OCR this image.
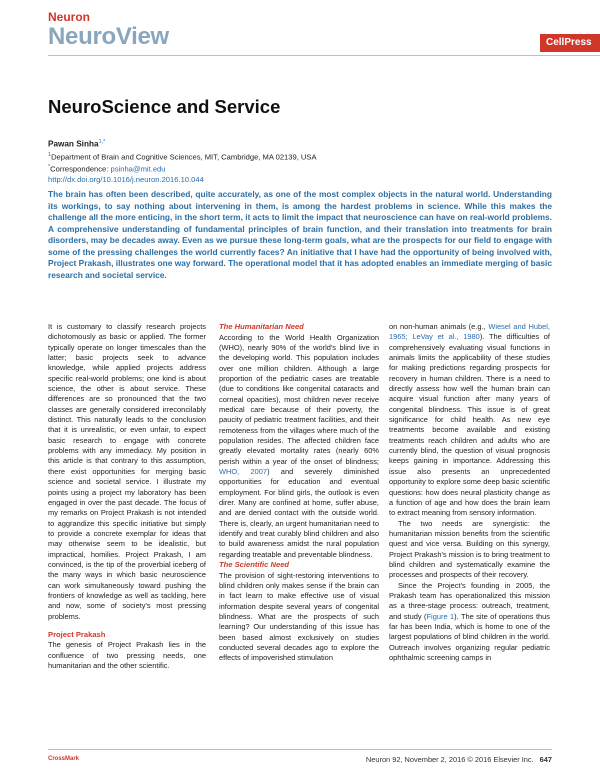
Neuron
NeuroView	CellPress
NeuroScience and Service
Pawan Sinha$^{1,*}$
$^1$Department of Brain and Cognitive Sciences, MIT, Cambridge, MA 02139, USA
*Correspondence: psinha@mit.edu
http://dx.doi.org/10.1016/j.neuron.2016.10.044
The brain has often been described, quite accurately, as one of the most complex objects in the natural world. Understanding its workings, to say nothing about intervening in them, is among the hardest problems in science. While this makes the challenge all the more enticing, in the short term, it acts to limit the impact that neuroscience can have on real-world problems. A comprehensive understanding of fundamental principles of brain function, and their translation into treatments for brain disorders, may be decades away. Even as we pursue these long-term goals, what are the prospects for our field to engage with some of the pressing challenges the world currently faces? An initiative that I have had the opportunity of being involved with, Project Prakash, illustrates one way forward. The operational model that it has adopted enables an immediate merging of basic research and societal service.

It is customary to classify research projects dichotomously as basic or applied. The former typically operate on longer timescales than the latter; basic projects seek to advance knowledge, while applied projects address specific real-world problems; one kind is about science, the other is about service. These differences are so pronounced that the two classes are generally considered irreconcilably distinct. This naturally leads to the conclusion that it is unrealistic, or even unfair, to expect basic research to engage with concrete problems with any immediacy. My position in this article is that contrary to this assumption, there exist opportunities for merging basic science and societal service. I illustrate my points using a project my laboratory has been engaged in over the past decade. The focus of my remarks on Project Prakash is not intended to aggrandize this specific initiative but simply to provide a concrete exemplar for ideas that may otherwise seem to be idealistic, but impractical, homilies. Project Prakash, I am convinced, is the tip of the proverbial iceberg of the many ways in which basic neuroscience can work simultaneously toward pushing the frontiers of knowledge as well as tackling, here and now, some of society's most pressing problems.

Project Prakash

The genesis of Project Prakash lies in the confluence of two pressing needs, one humanitarian and the other scientific.

The Humanitarian Need

According to the World Health Organization (WHO), nearly 90% of the world's blind live in the developing world. This population includes over one million children. Although a large proportion of the pediatric cases are treatable (due to conditions like congenital cataracts and corneal opacities), most children never receive medical care because of their poverty, the paucity of pediatric treatment facilities, and their remoteness from the villages where much of the population resides. The affected children face greatly elevated mortality rates (nearly 60% perish within a year of the onset of blindness; WHO, 2007) and severely diminished opportunities for education and eventual employment. For blind girls, the outlook is even direr. Many are confined at home, suffer abuse, and are denied contact with the outside world. There is, clearly, an urgent humanitarian need to identify and treat curably blind children and also to build awareness amidst the rural population regarding treatable and preventable blindness.

The Scientific Need

The provision of sight-restoring interventions to blind children only makes sense if the brain can in fact learn to make effective use of visual information despite several years of congenital blindness. What are the prospects of such learning? Our understanding of this issue has been based almost exclusively on studies conducted several decades ago to explore the effects of impoverished stimulation

on non-human animals (e.g., Wiesel and Hubel, 1965; LeVay et al., 1980). The difficulties of comprehensively evaluating visual functions in animals limits the applicability of these studies for making predictions regarding prospects for recovery in human children. There is a need to directly assess how well the human brain can acquire visual function after many years of congenital blindness. This issue is of great significance for child health. As new eye treatments become available and existing treatments reach children and adults who are currently blind, the question of visual prognosis keeps gaining in importance. Addressing this issue also presents an unprecedented opportunity to explore some deep basic scientific questions: how does neural plasticity change as a function of age and how does the brain learn to extract meaning from sensory information.

The two needs are synergistic: the humanitarian mission benefits from the scientific quest and vice versa. Building on this synergy, Project Prakash's mission is to bring treatment to blind children and systematically examine the processes and prospects of their recovery.

Since the Project's founding in 2005, the Prakash team has operationalized this mission as a three-stage process: outreach, treatment, and study (Figure 1). The site of operations thus far has been India, which is home to one of the largest populations of blind children in the world. Outreach involves organizing regular pediatric ophthalmic screening camps in

CrossMark	Neuron 92, November 2, 2016 © 2016 Elsevier Inc. 647
